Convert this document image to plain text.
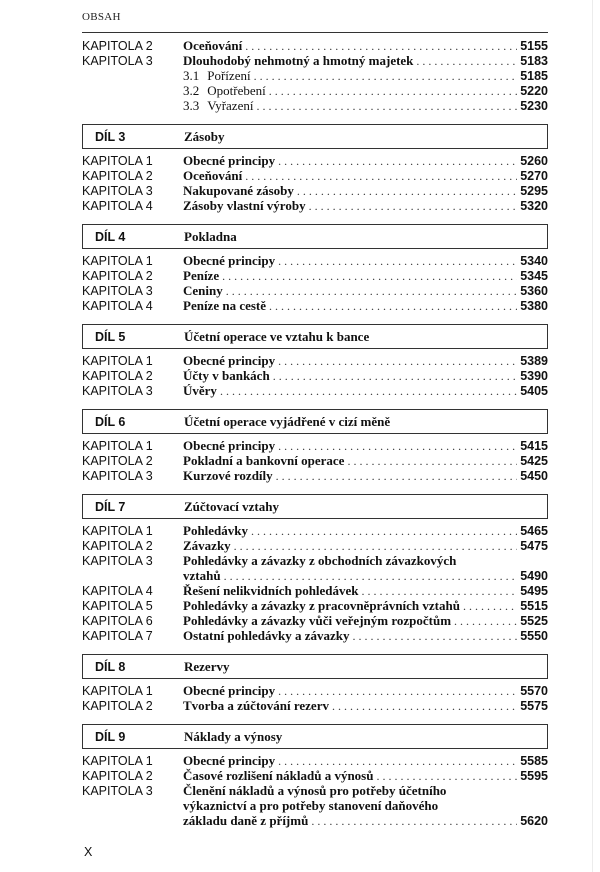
OBSAH
KAPITOLA 2	Oceňování . . .	5155
KAPITOLA 3	Dlouhodobý nehmotný a hmotný majetek . . .	5183
3.1 Pořízení . . .	5185
3.2 Opotřebení . . .	5220
3.3 Vyřazení . . .	5230
DÍL 3	Zásoby
KAPITOLA 1	Obecné principy . . .	5260
KAPITOLA 2	Oceňování . . .	5270
KAPITOLA 3	Nakupované zásoby . . .	5295
KAPITOLA 4	Zásoby vlastní výroby . . .	5320
DÍL 4	Pokladna
KAPITOLA 1	Obecné principy . . .	5340
KAPITOLA 2	Peníze . . .	5345
KAPITOLA 3	Ceniny . . .	5360
KAPITOLA 4	Peníze na cestě . . .	5380
DÍL 5	Účetní operace ve vztahu k bance
KAPITOLA 1	Obecné principy . . .	5389
KAPITOLA 2	Účty v bankách . . .	5390
KAPITOLA 3	Úvěry . . .	5405
DÍL 6	Účetní operace vyjádřené v cizí měně
KAPITOLA 1	Obecné principy . . .	5415
KAPITOLA 2	Pokladní a bankovní operace . . .	5425
KAPITOLA 3	Kurzové rozdíly . . .	5450
DÍL 7	Zúčtovací vztahy
KAPITOLA 1	Pohledávky . . .	5465
KAPITOLA 2	Závazky . . .	5475
KAPITOLA 3	Pohledávky a závazky z obchodních závazkových
vztahů . . .	5490
KAPITOLA 4	Řešení nelikvidních pohledávek . . .	5495
KAPITOLA 5	Pohledávky a závazky z pracovněprávních vztahů . . .	5515
KAPITOLA 6	Pohledávky a závazky vůči veřejným rozpočtům . . .	5525
KAPITOLA 7	Ostatní pohledávky a závazky . . .	5550
DÍL 8	Rezervy
KAPITOLA 1	Obecné principy . . .	5570
KAPITOLA 2	Tvorba a zúčtování rezerv . . .	5575
DÍL 9	Náklady a výnosy
KAPITOLA 1	Obecné principy . . .	5585
KAPITOLA 2	Časové rozlišení nákladů a výnosů . . .	5595
KAPITOLA 3	Členění nákladů a výnosů pro potřeby účetního
výkaznictví a pro potřeby stanovení daňového
základu daně z příjmů . . .	5620
X
